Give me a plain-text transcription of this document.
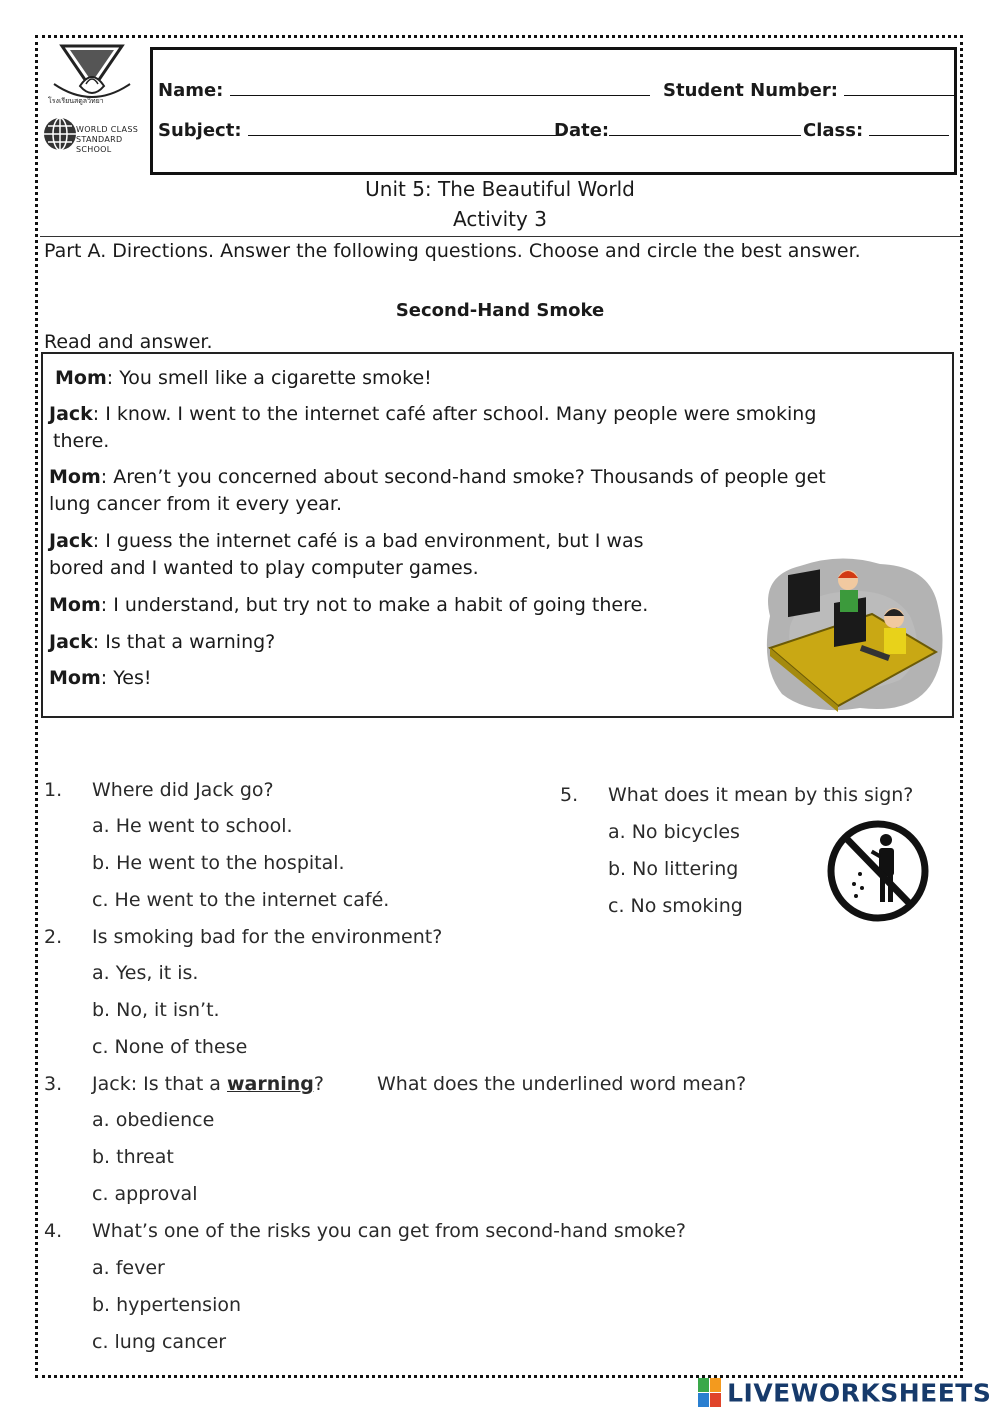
โรงเรียนสตูลวิทยา
WORLD CLASS STANDARD SCHOOL
Name:	Student Number:
Subject:	Date:	Class:
Unit 5: The Beautiful World
Activity 3
Part A. Directions. Answer the following questions. Choose and circle the best answer.
Second-Hand Smoke
Read and answer.
Mom: You smell like a cigarette smoke!
Jack: I know. I went to the internet café after school. Many people were smoking
there.
Mom: Aren’t you concerned about second-hand smoke? Thousands of people get
lung cancer from it every year.
Jack: I guess the internet café is a bad environment, but I was
bored and I wanted to play computer games.
Mom: I understand, but try not to make a habit of going there.
Jack: Is that a warning?
Mom: Yes!
1. Where did Jack go?
a. He went to school.
b. He went to the hospital.
c. He went to the internet café.
2. Is smoking bad for the environment?
a. Yes, it is.
b. No, it isn’t.
c. None of these
3. Jack: Is that a warning?	What does the underlined word mean?
a. obedience
b. threat
c. approval
4. What’s one of the risks you can get from second-hand smoke?
a. fever
b. hypertension
c. lung cancer
5. What does it mean by this sign?
a. No bicycles
b. No littering
c. No smoking
LIVEWORKSHEETS
